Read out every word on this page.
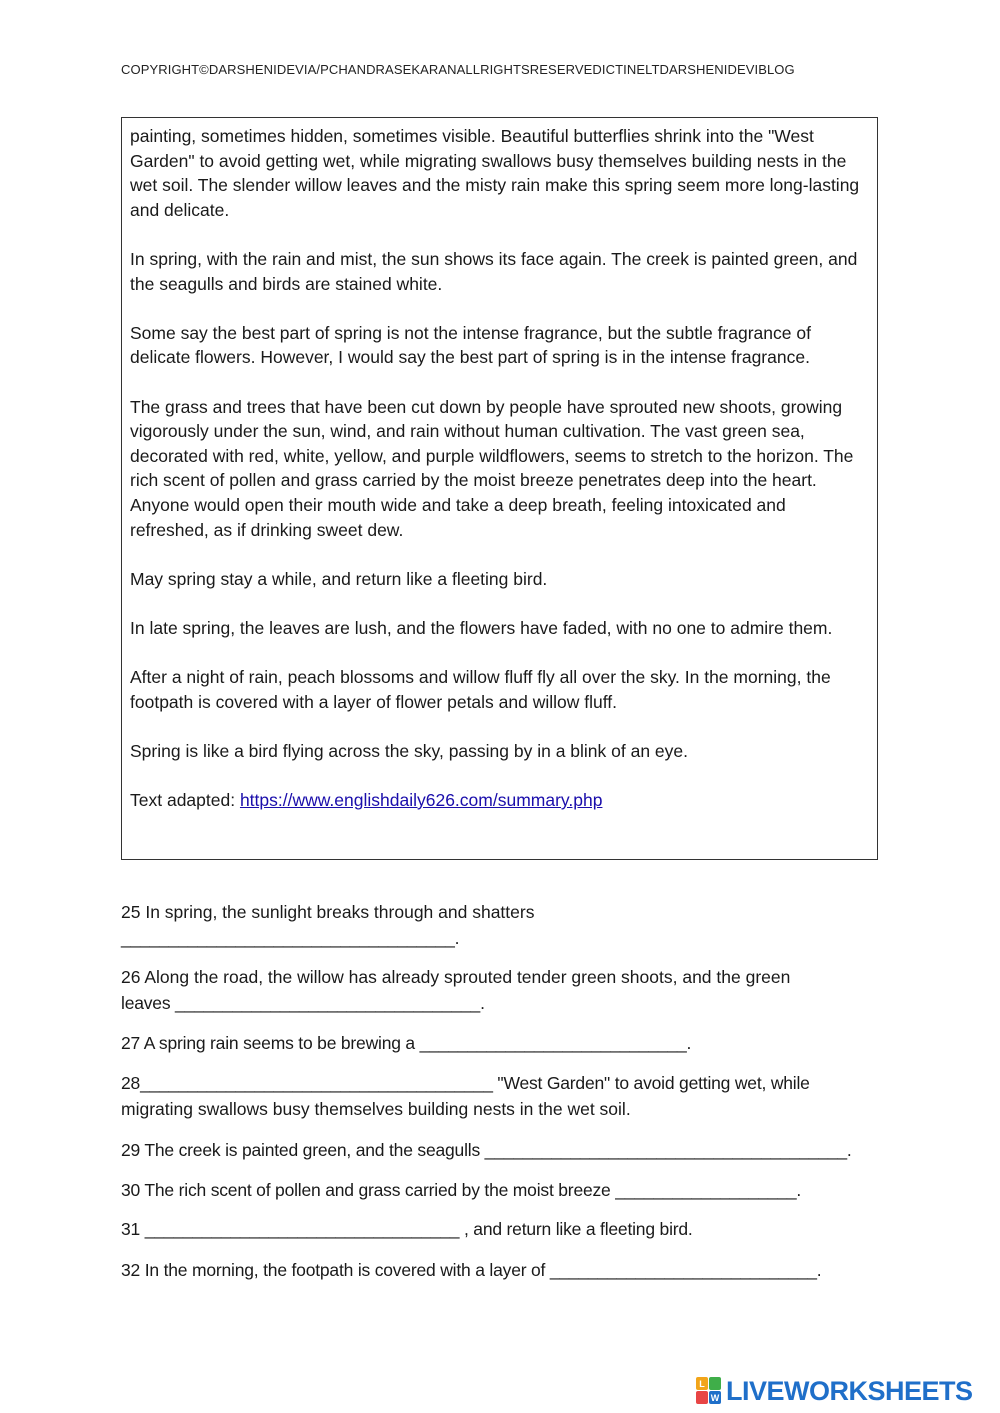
COPYRIGHT©DARSHENIDEVIA/PCHANDRASEKARANALLRIGHTSRESERVEDICTINELTDARSHENIDEVIBLOG

painting, sometimes hidden, sometimes visible. Beautiful butterflies shrink into the "West Garden" to avoid getting wet, while migrating swallows busy themselves building nests in the wet soil. The slender willow leaves and the misty rain make this spring seem more long-lasting and delicate.

In spring, with the rain and mist, the sun shows its face again. The creek is painted green, and the seagulls and birds are stained white.

Some say the best part of spring is not the intense fragrance, but the subtle fragrance of delicate flowers. However, I would say the best part of spring is in the intense fragrance.

The grass and trees that have been cut down by people have sprouted new shoots, growing vigorously under the sun, wind, and rain without human cultivation. The vast green sea, decorated with red, white, yellow, and purple wildflowers, seems to stretch to the horizon. The rich scent of pollen and grass carried by the moist breeze penetrates deep into the heart. Anyone would open their mouth wide and take a deep breath, feeling intoxicated and refreshed, as if drinking sweet dew.

May spring stay a while, and return like a fleeting bird.

In late spring, the leaves are lush, and the flowers have faded, with no one to admire them.

After a night of rain, peach blossoms and willow fluff fly all over the sky. In the morning, the footpath is covered with a layer of flower petals and willow fluff.

Spring is like a bird flying across the sky, passing by in a blink of an eye.

Text adapted: https://www.englishdaily626.com/summary.php

25 In spring, the sunlight breaks through and shatters
___________________________________.
26 Along the road, the willow has already sprouted tender green shoots, and the green
leaves ________________________________.
27 A spring rain seems to be brewing a ____________________________.
28_____________________________________ "West Garden" to avoid getting wet, while
migrating swallows busy themselves building nests in the wet soil.
29 The creek is painted green, and the seagulls ______________________________________.
30 The rich scent of pollen and grass carried by the moist breeze ___________________.
31 _________________________________ , and return like a fleeting bird.
32 In the morning, the footpath is covered with a layer of ____________________________.
L
W LIVEWORKSHEETS
